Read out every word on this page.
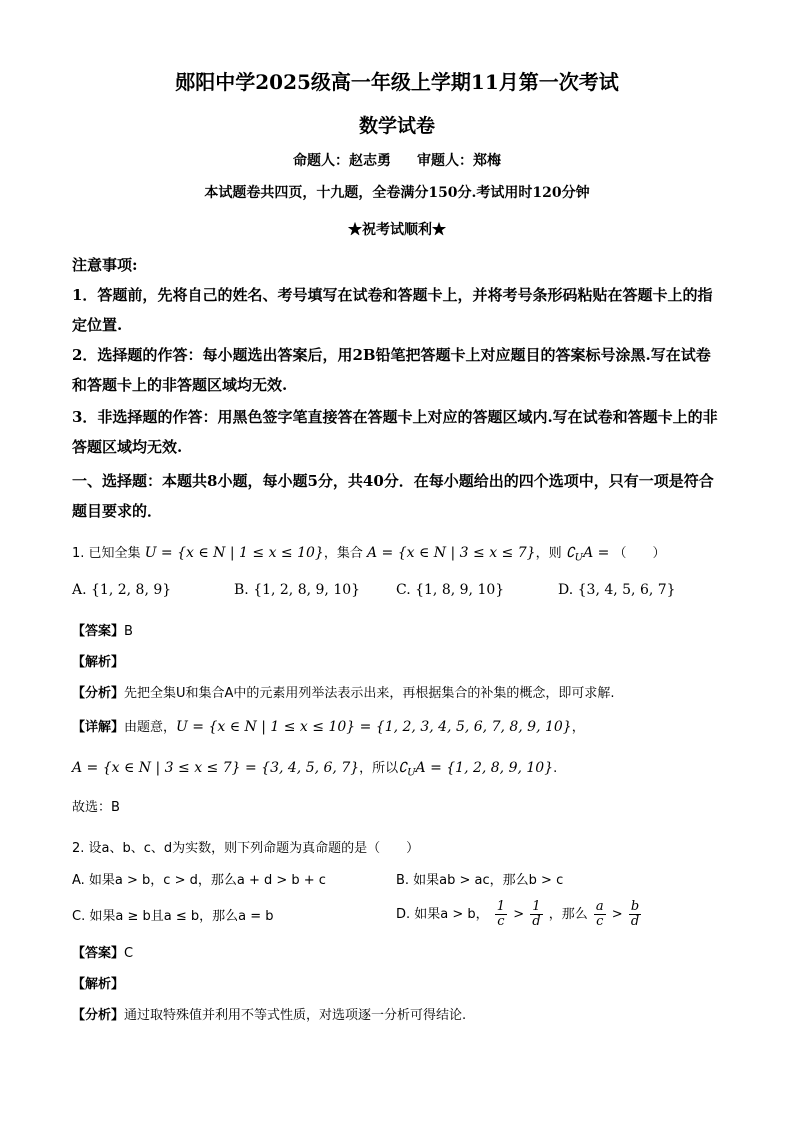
郧阳中学2025级高一年级上学期11月第一次考试
数学试卷
命题人：赵志勇 审题人：郑梅
本试题卷共四页，十九题，全卷满分150分.考试用时120分钟
★祝考试顺利★
注意事项:
1．答题前，先将自己的姓名、考号填写在试卷和答题卡上，并将考号条形码粘贴在答题卡上的指定位置.
2．选择题的作答：每小题选出答案后，用2B铅笔把答题卡上对应题目的答案标号涂黑.写在试卷和答题卡上的非答题区域均无效.
3．非选择题的作答：用黑色签字笔直接答在答题卡上对应的答题区域内.写在试卷和答题卡上的非答题区域均无效.
一、选择题：本题共8小题，每小题5分，共40分．在每小题给出的四个选项中，只有一项是符合题目要求的．
1. 已知全集 U = {x ∈ N | 1 ≤ x ≤ 10}，集合 A = {x ∈ N | 3 ≤ x ≤ 7}，则 $∁_UA$ = （　　）
A. {1, 2, 8, 9}	B. {1, 2, 8, 9, 10}	C. {1, 8, 9, 10}	D. {3, 4, 5, 6, 7}
【答案】B
【解析】
【分析】先把全集U和集合A中的元素用列举法表示出来，再根据集合的补集的概念，即可求解.
【详解】由题意，U = {x ∈ N | 1 ≤ x ≤ 10} = {1, 2, 3, 4, 5, 6, 7, 8, 9, 10}，
A = {x ∈ N | 3 ≤ x ≤ 7} = {3, 4, 5, 6, 7}，所以$∁_UA = \{1$, 2, 8, 9, 10}.
故选：B
2. 设a、b、c、d为实数，则下列命题为真命题的是（　　）
A. 如果a > b，c > d，那么a + d > b + c	B. 如果ab > ac，那么b > c
C. 如果a ≥ b且a ≤ b，那么a = b	D. 如果a > b， $\frac{1}{c} > \frac{1}{d}$ ，那么 $\frac{a}{c} > \frac{b}{d}$
【答案】C
【解析】
【分析】通过取特殊值并利用不等式性质，对选项逐一分析可得结论.
